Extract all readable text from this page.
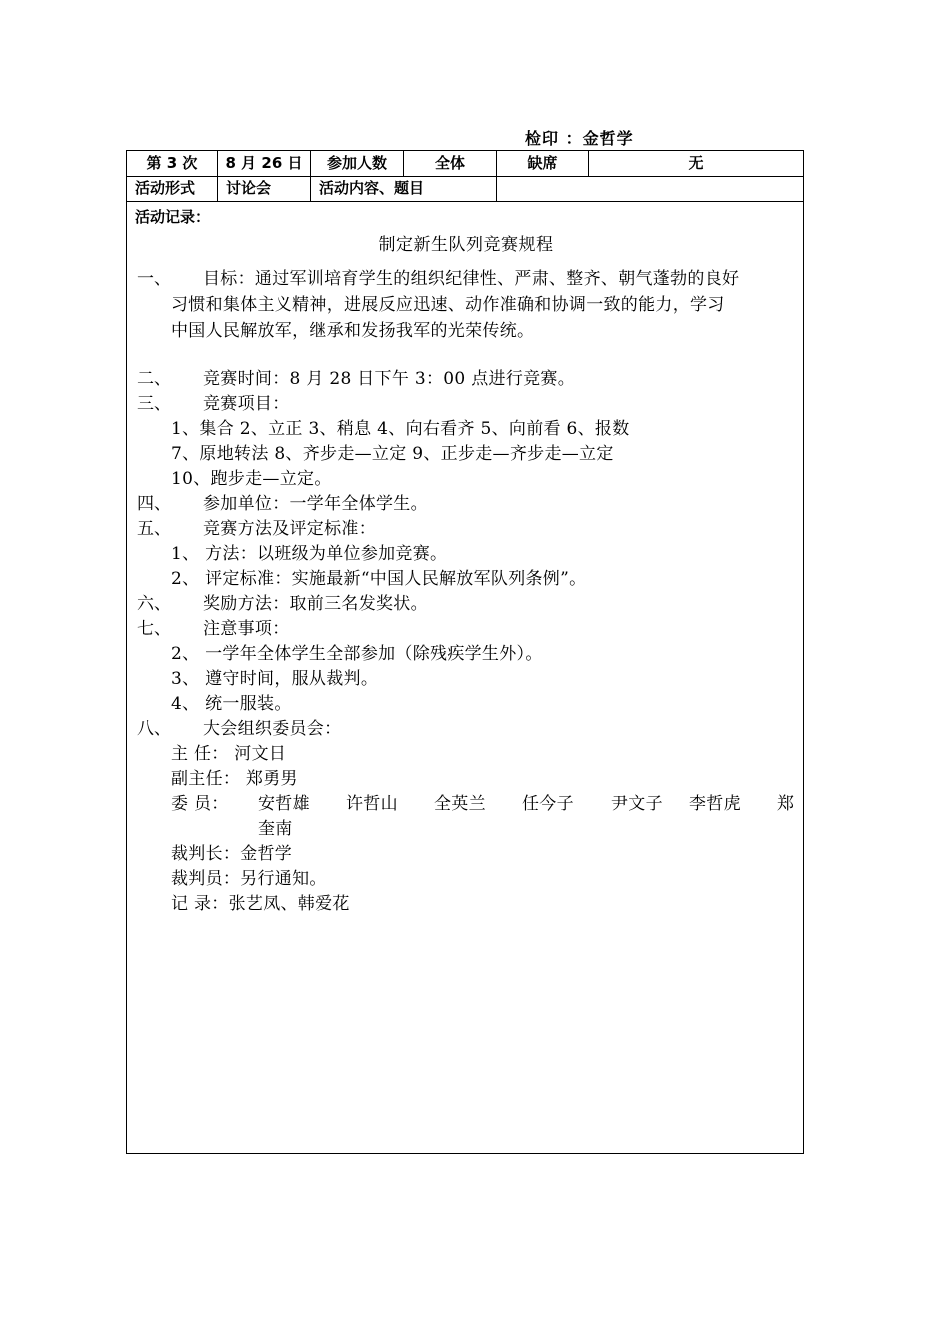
检印 ：金哲学
第 3 次	8 月 26 日	参加人数	全体	缺席	无
活动形式	讨论会	活动内容、题目
活动记录：
制定新生队列竞赛规程
一、 目标：通过军训培育学生的组织纪律性、严肃、整齐、朝气蓬勃的良好
习惯和集体主义精神，进展反应迅速、动作准确和协调一致的能力，学习
中国人民解放军，继承和发扬我军的光荣传统。
二、 竞赛时间：8 月 28 日下午 3：00 点进行竞赛。
三、 竞赛项目：
1、集合 2、立正 3、稍息 4、向右看齐 5、向前看 6、报数
7、原地转法 8、齐步走—立定 9、正步走—齐步走—立定
10、跑步走—立定。
四、 参加单位：一学年全体学生。
五、 竞赛方法及评定标准：
1、 方法：以班级为单位参加竞赛。
2、 评定标准：实施最新“中国人民解放军队列条例”。
六、 奖励方法：取前三名发奖状。
七、 注意事项：
2、 一学年全体学生全部参加（除残疾学生外）。
3、 遵守时间，服从裁判。
4、 统一服装。
八、 大会组织委员会：
主 任： 河文日
副主任： 郑勇男
委 员： 安哲雄 许哲山 全英兰 任今子 尹文子 李哲虎 郑
奎南
裁判长：金哲学
裁判员：另行通知。
记 录：张艺凤、韩爱花
